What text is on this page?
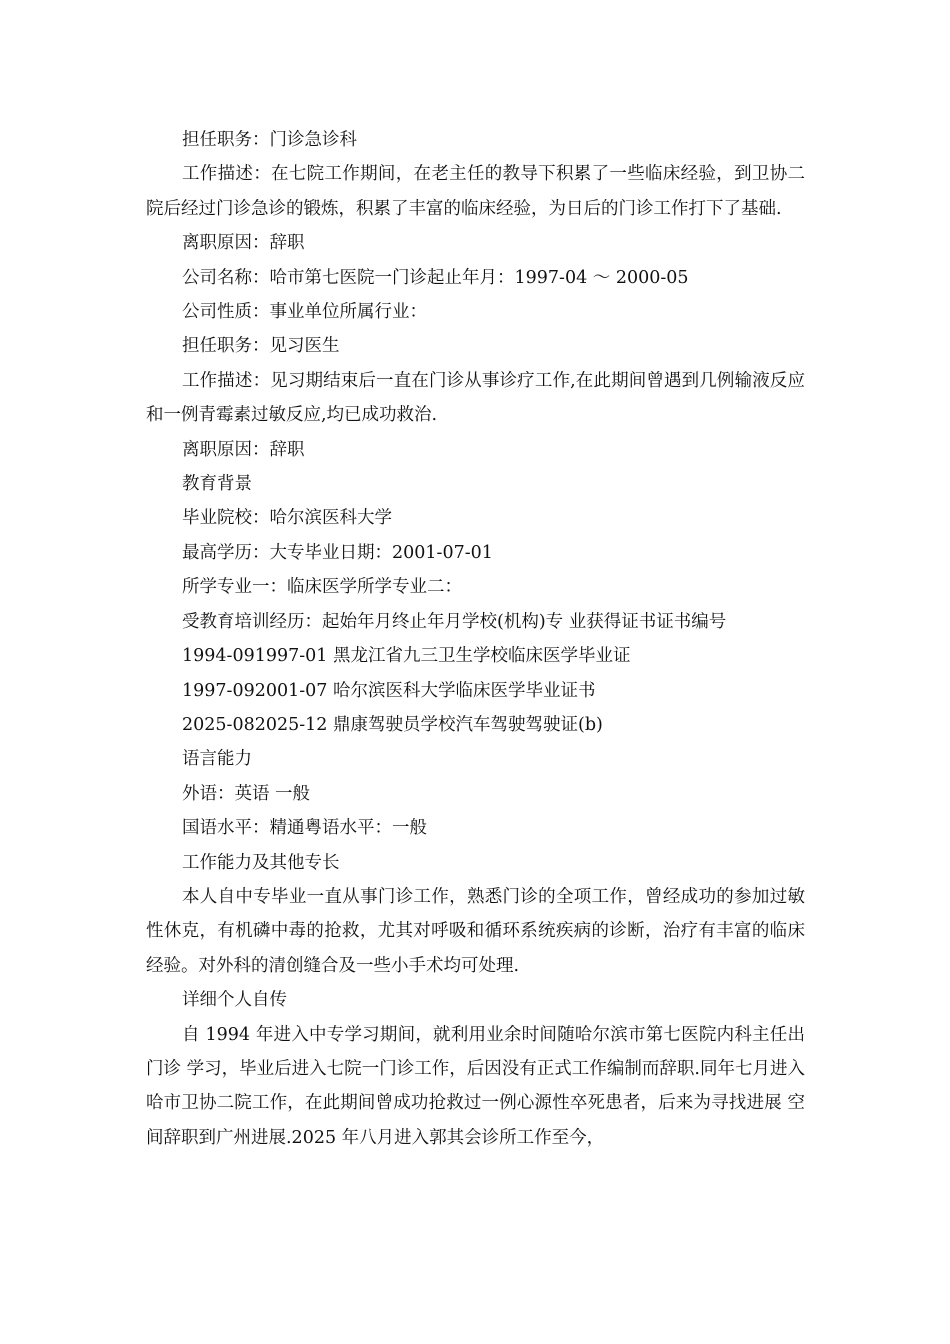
担任职务：门诊急诊科

工作描述：在七院工作期间，在老主任的教导下积累了一些临床经验，到卫协二院后经过门诊急诊的锻炼，积累了丰富的临床经验，为日后的门诊工作打下了基础.

离职原因：辞职

公司名称：哈市第七医院一门诊起止年月：1997-04 ～ 2000-05

公司性质：事业单位所属行业：

担任职务：见习医生

工作描述：见习期结束后一直在门诊从事诊疗工作,在此期间曾遇到几例输液反应和一例青霉素过敏反应,均已成功救治.

离职原因：辞职

教育背景

毕业院校：哈尔滨医科大学

最高学历：大专毕业日期：2001-07-01

所学专业一：临床医学所学专业二：

受教育培训经历：起始年月终止年月学校(机构)专 业获得证书证书编号

1994-091997-01 黑龙江省九三卫生学校临床医学毕业证

1997-092001-07 哈尔滨医科大学临床医学毕业证书

2025-082025-12 鼎康驾驶员学校汽车驾驶驾驶证(b)

语言能力

外语：英语 一般

国语水平：精通粤语水平：一般

工作能力及其他专长

本人自中专毕业一直从事门诊工作，熟悉门诊的全项工作，曾经成功的参加过敏性休克，有机磷中毒的抢救，尤其对呼吸和循环系统疾病的诊断，治疗有丰富的临床经验。对外科的清创缝合及一些小手术均可处理.

详细个人自传

自 1994 年进入中专学习期间，就利用业余时间随哈尔滨市第七医院内科主任出门诊 学习，毕业后进入七院一门诊工作，后因没有正式工作编制而辞职.同年七月进入哈市卫协二院工作，在此期间曾成功抢救过一例心源性卒死患者，后来为寻找进展 空间辞职到广州进展.2025 年八月进入郭其会诊所工作至今，
